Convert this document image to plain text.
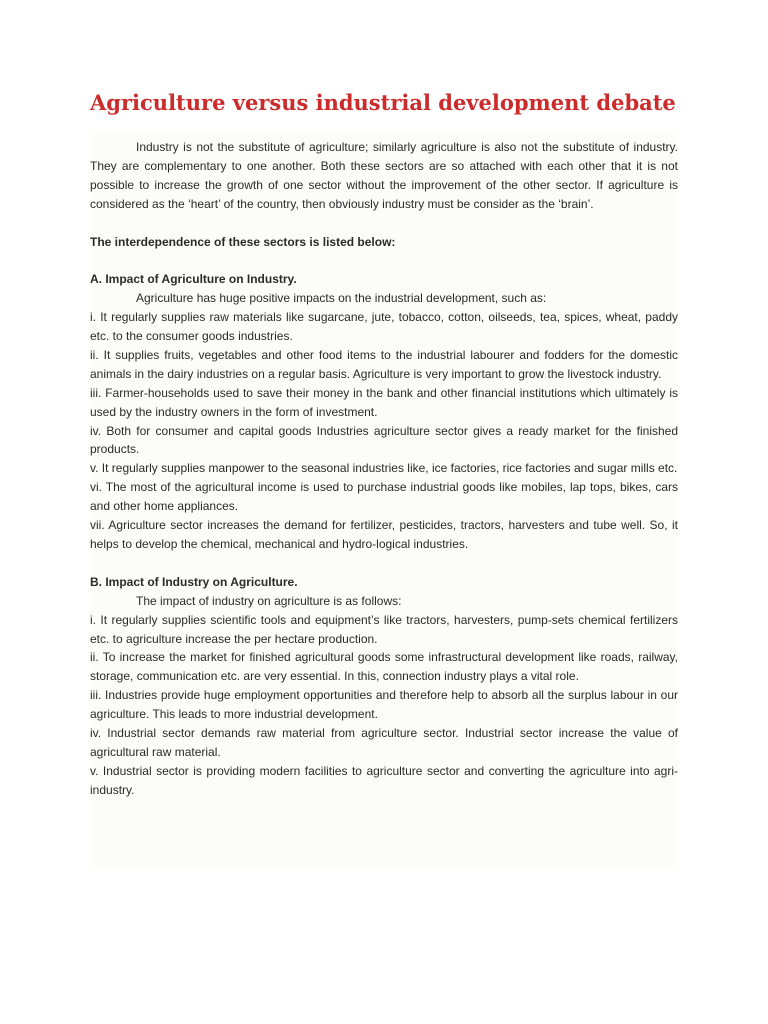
Agriculture versus industrial development debate

Industry is not the substitute of agriculture; similarly agriculture is also not the substitute of industry. They are complementary to one another. Both these sectors are so attached with each other that it is not possible to increase the growth of one sector without the improvement of the other sector. If agriculture is considered as the ‘heart’ of the country, then obviously industry must be consider as the ‘brain’.

The interdependence of these sectors is listed below:

A. Impact of Agriculture on Industry.

Agriculture has huge positive impacts on the industrial development, such as:

i. It regularly supplies raw materials like sugarcane, jute, tobacco, cotton, oilseeds, tea, spices, wheat, paddy etc. to the consumer goods industries.

ii. It supplies fruits, vegetables and other food items to the industrial labourer and fodders for the domestic animals in the dairy industries on a regular basis. Agriculture is very important to grow the livestock industry.

iii. Farmer-households used to save their money in the bank and other financial institutions which ultimately is used by the industry owners in the form of investment.

iv. Both for consumer and capital goods Industries agriculture sector gives a ready market for the finished products.

v. It regularly supplies manpower to the seasonal industries like, ice factories, rice factories and sugar mills etc.

vi. The most of the agricultural income is used to purchase industrial goods like mobiles, lap tops, bikes, cars and other home appliances.

vii. Agriculture sector increases the demand for fertilizer, pesticides, tractors, harvesters and tube well. So, it helps to develop the chemical, mechanical and hydro-logical industries.

B. Impact of Industry on Agriculture.

The impact of industry on agriculture is as follows:

i. It regularly supplies scientific tools and equipment’s like tractors, harvesters, pump-sets chemical fertilizers etc. to agriculture increase the per hectare production.

ii. To increase the market for finished agricultural goods some infrastructural development like roads, railway, storage, communication etc. are very essential. In this, connection industry plays a vital role.

iii. Industries provide huge employment opportunities and therefore help to absorb all the surplus labour in our agriculture. This leads to more industrial development.

iv. Industrial sector demands raw material from agriculture sector. Industrial sector increase the value of agricultural raw material.

v. Industrial sector is providing modern facilities to agriculture sector and converting the agriculture into agri-industry.
